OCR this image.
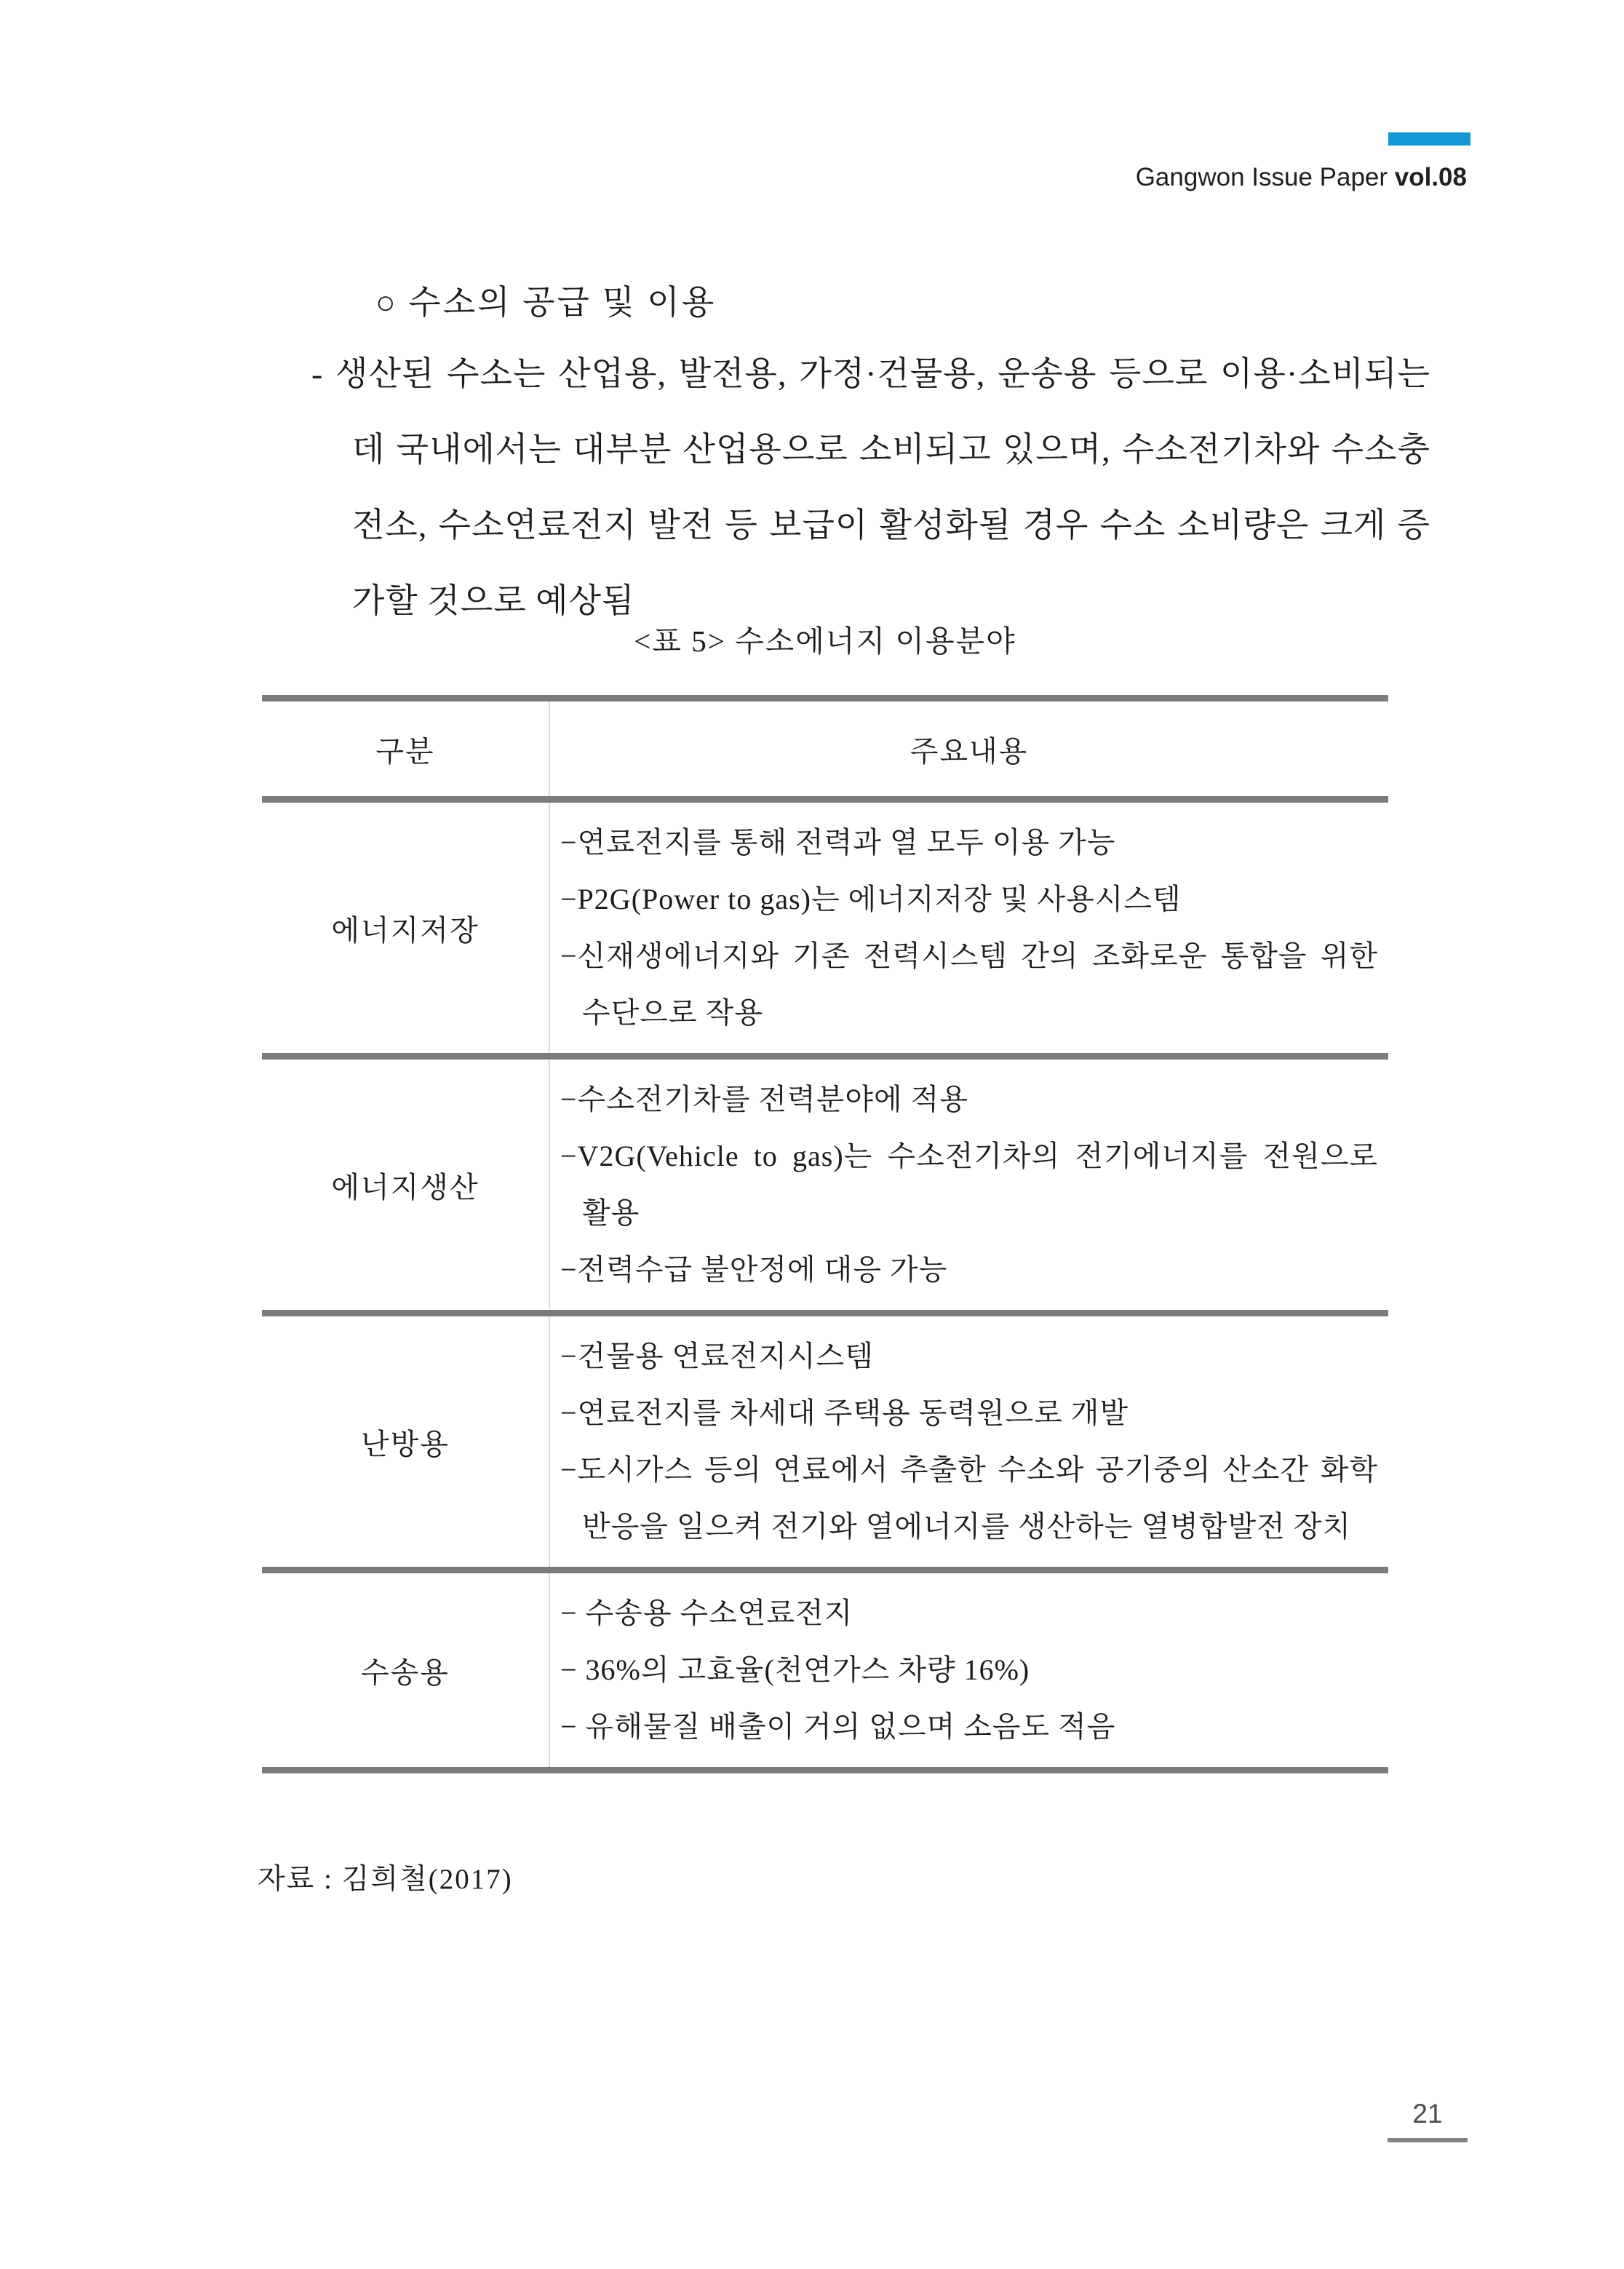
Gangwon Issue Paper vol.08
○ 수소의 공급 및 이용
- 생산된 수소는 산업용, 발전용, 가정·건물용, 운송용 등으로 이용·소비되는데 국내에서는 대부분 산업용으로 소비되고 있으며, 수소전기차와 수소충전소, 수소연료전지 발전 등 보급이 활성화될 경우 수소 소비량은 크게 증가할 것으로 예상됨
<표 5> 수소에너지 이용분야
구분	주요내용
에너지저장
−연료전지를 통해 전력과 열 모두 이용 가능
−P2G(Power to gas)는 에너지저장 및 사용시스템
−신재생에너지와 기존 전력시스템 간의 조화로운 통합을 위한 수단으로 작용
에너지생산
−수소전기차를 전력분야에 적용
−V2G(Vehicle to gas)는 수소전기차의 전기에너지를 전원으로 활용
−전력수급 불안정에 대응 가능
난방용
−건물용 연료전지시스템
−연료전지를 차세대 주택용 동력원으로 개발
−도시가스 등의 연료에서 추출한 수소와 공기중의 산소간 화학반응을 일으켜 전기와 열에너지를 생산하는 열병합발전 장치
수송용
− 수송용 수소연료전지
− 36%의 고효율(천연가스 차량 16%)
− 유해물질 배출이 거의 없으며 소음도 적음
자료 : 김희철(2017)
21
